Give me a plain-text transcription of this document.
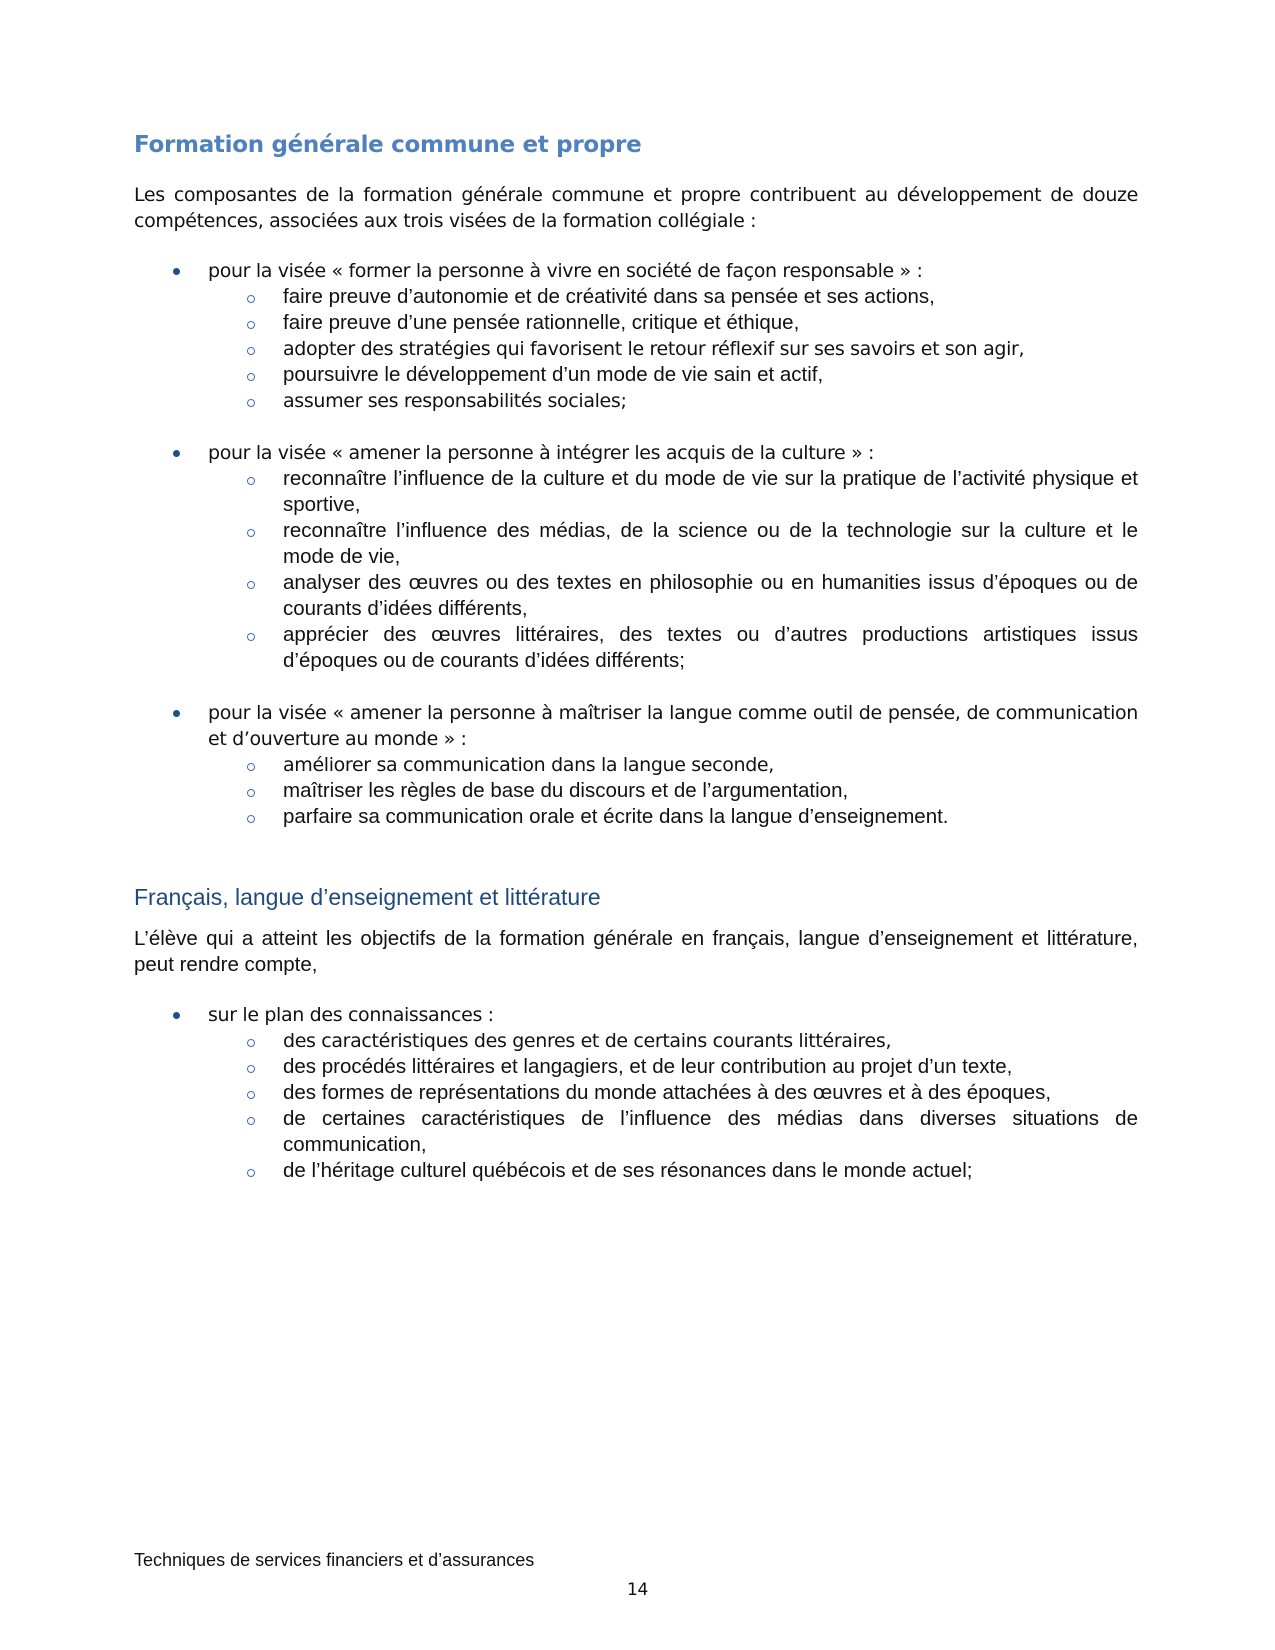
Formation générale commune et propre

Les composantes de la formation générale commune et propre contribuent au développement de douze compétences, associées aux trois visées de la formation collégiale :

pour la visée « former la personne à vivre en société de façon responsable » :
faire preuve d’autonomie et de créativité dans sa pensée et ses actions,
faire preuve d’une pensée rationnelle, critique et éthique,
adopter des stratégies qui favorisent le retour réflexif sur ses savoirs et son agir,
poursuivre le développement d’un mode de vie sain et actif,
assumer ses responsabilités sociales;
pour la visée « amener la personne à intégrer les acquis de la culture » :
reconnaître l’influence de la culture et du mode de vie sur la pratique de l’activité physique et sportive,
reconnaître l’influence des médias, de la science ou de la technologie sur la culture et le mode de vie,
analyser des œuvres ou des textes en philosophie ou en humanities issus d’époques ou de courants d’idées différents,
apprécier des œuvres littéraires, des textes ou d’autres productions artistiques issus d’époques ou de courants d’idées différents;
pour la visée « amener la personne à maîtriser la langue comme outil de pensée, de communication et d’ouverture au monde » :
améliorer sa communication dans la langue seconde,
maîtriser les règles de base du discours et de l’argumentation,
parfaire sa communication orale et écrite dans la langue d’enseignement.
Français, langue d’enseignement et littérature

L’élève qui a atteint les objectifs de la formation générale en français, langue d’enseignement et littérature, peut rendre compte,

sur le plan des connaissances :
des caractéristiques des genres et de certains courants littéraires,
des procédés littéraires et langagiers, et de leur contribution au projet d’un texte,
des formes de représentations du monde attachées à des œuvres et à des époques,
de certaines caractéristiques de l’influence des médias dans diverses situations de communication,
de l’héritage culturel québécois et de ses résonances dans le monde actuel;
Techniques de services financiers et d’assurances
14
